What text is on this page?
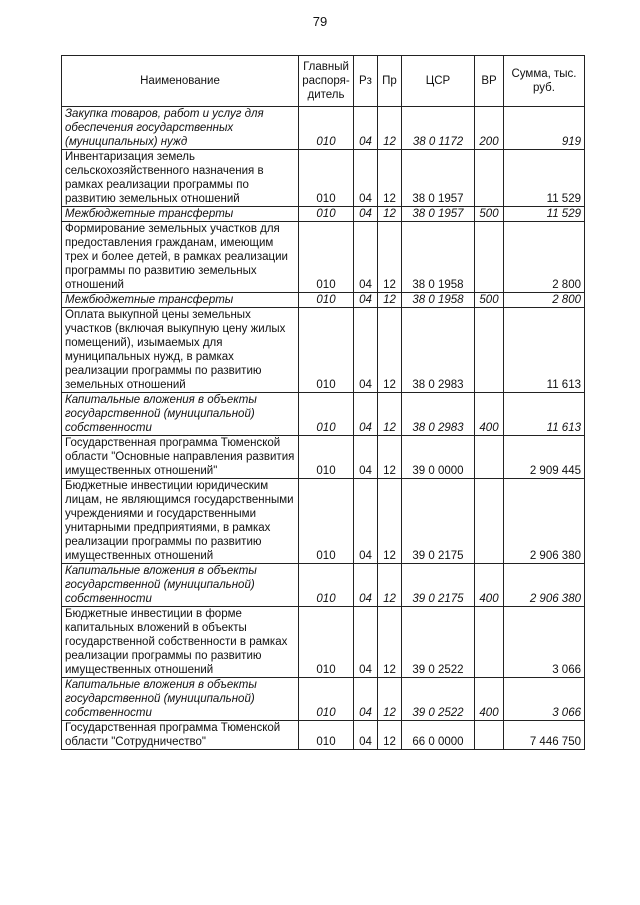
79
Наименование	Главный распоря- дитель	Рз	Пр	ЦСР	ВР	Сумма, тыс. руб.
Закупка товаров, работ и услуг для обеспечения государственных (муниципальных) нужд	010	04	12	38 0 1172	200	919
Инвентаризация земель сельскохозяйственного назначения в рамках реализации программы по развитию земельных отношений	010	04	12	38 0 1957		11 529
Межбюджетные трансферты	010	04	12	38 0 1957	500	11 529
Формирование земельных участков для предоставления гражданам, имеющим трех и более детей, в рамках реализации программы по развитию земельных отношений	010	04	12	38 0 1958		2 800
Межбюджетные трансферты	010	04	12	38 0 1958	500	2 800
Оплата выкупной цены земельных участков (включая выкупную цену жилых помещений), изымаемых для муниципальных нужд, в рамках реализации программы по развитию земельных отношений	010	04	12	38 0 2983		11 613
Капитальные вложения в объекты государственной (муниципальной) собственности	010	04	12	38 0 2983	400	11 613
Государственная программа Тюменской области "Основные направления развития имущественных отношений"	010	04	12	39 0 0000		2 909 445
Бюджетные инвестиции юридическим лицам, не являющимся государственными учреждениями и государственными унитарными предприятиями, в рамках реализации программы по развитию имущественных отношений	010	04	12	39 0 2175		2 906 380
Капитальные вложения в объекты государственной (муниципальной) собственности	010	04	12	39 0 2175	400	2 906 380
Бюджетные инвестиции в форме капитальных вложений в объекты государственной собственности в рамках реализации программы по развитию имущественных отношений	010	04	12	39 0 2522		3 066
Капитальные вложения в объекты государственной (муниципальной) собственности	010	04	12	39 0 2522	400	3 066
Государственная программа Тюменской области "Сотрудничество"	010	04	12	66 0 0000		7 446 750
